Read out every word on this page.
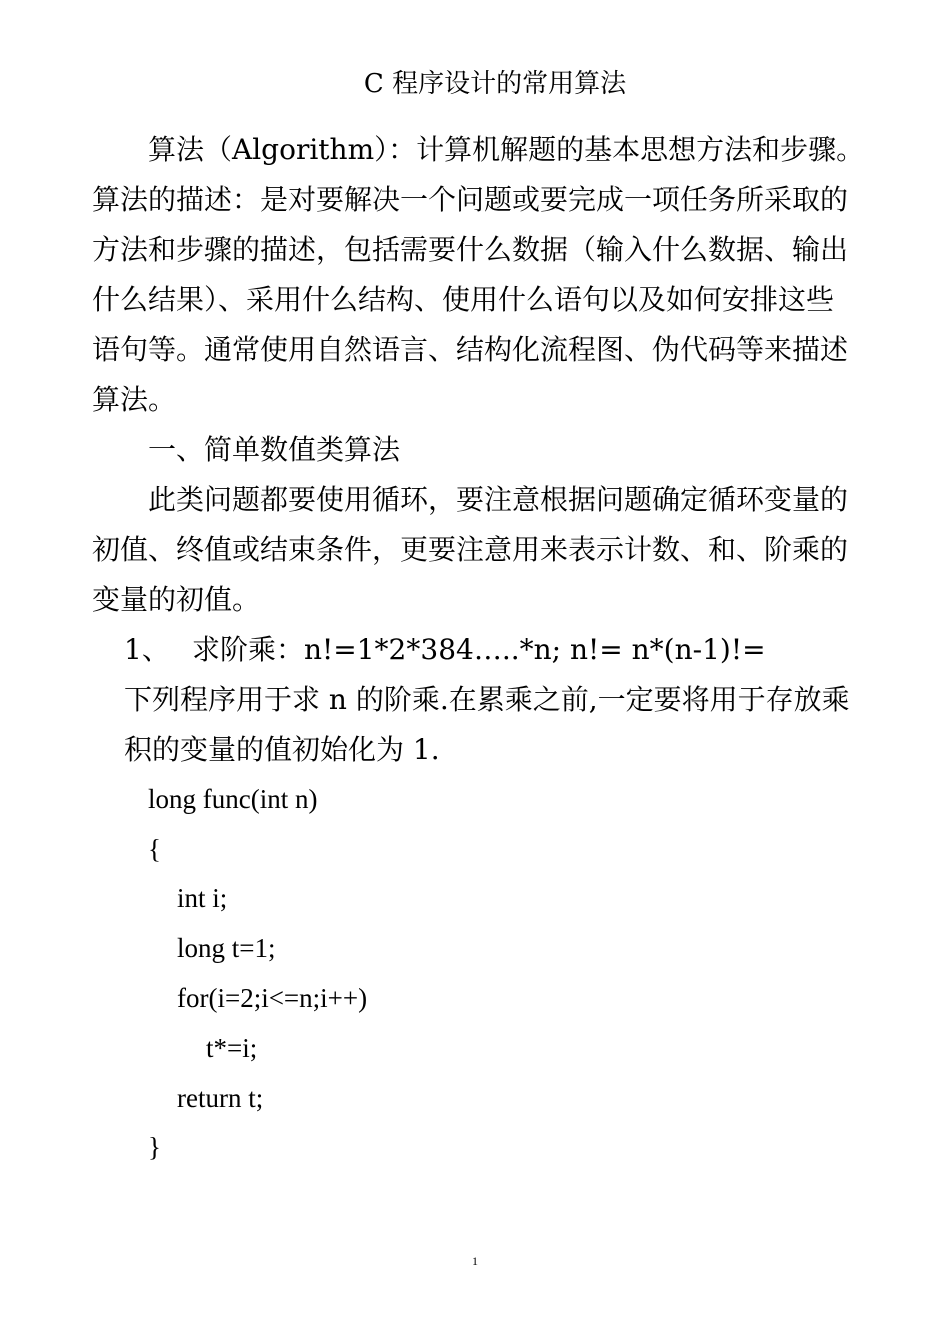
C 程序设计的常用算法
算法（Algorithm）：计算机解题的基本思想方法和步骤。
算法的描述：是对要解决一个问题或要完成一项任务所采取的
方法和步骤的描述，包括需要什么数据（输入什么数据、输出
什么结果）、采用什么结构、使用什么语句以及如何安排这些
语句等。通常使用自然语言、结构化流程图、伪代码等来描述
算法。
一、简单数值类算法
此类问题都要使用循环，要注意根据问题确定循环变量的
初值、终值或结束条件，更要注意用来表示计数、和、阶乘的
变量的初值。
1、 求阶乘：n!=1*2*384…..*n; n!= n*(n-1)!=
下列程序用于求 n 的阶乘.在累乘之前,一定要将用于存放乘
积的变量的值初始化为 1.
long func(int n)
{
int i;
long t=1;
for(i=2;i<=n;i++)
t*=i;
return t;
}
1
